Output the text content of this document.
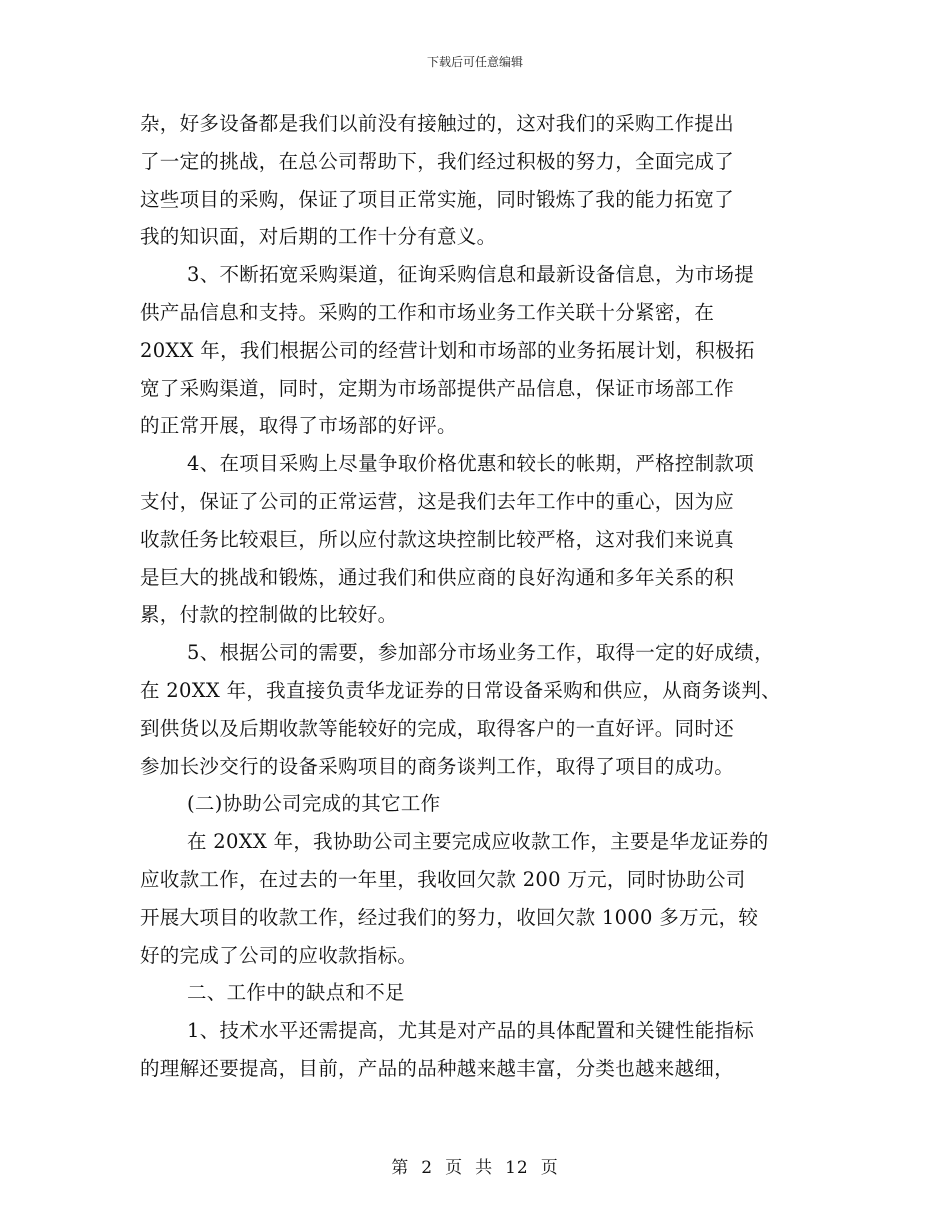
下载后可任意编辑
杂，好多设备都是我们以前没有接触过的，这对我们的采购工作提出
了一定的挑战，在总公司帮助下，我们经过积极的努力，全面完成了
这些项目的采购，保证了项目正常实施，同时锻炼了我的能力拓宽了
我的知识面，对后期的工作十分有意义。
3、不断拓宽采购渠道，征询采购信息和最新设备信息，为市场提
供产品信息和支持。采购的工作和市场业务工作关联十分紧密，在
20XX 年，我们根据公司的经营计划和市场部的业务拓展计划，积极拓
宽了采购渠道，同时，定期为市场部提供产品信息，保证市场部工作
的正常开展，取得了市场部的好评。
4、在项目采购上尽量争取价格优惠和较长的帐期，严格控制款项
支付，保证了公司的正常运营，这是我们去年工作中的重心，因为应
收款任务比较艰巨，所以应付款这块控制比较严格，这对我们来说真
是巨大的挑战和锻炼，通过我们和供应商的良好沟通和多年关系的积
累，付款的控制做的比较好。
5、根据公司的需要，参加部分市场业务工作，取得一定的好成绩，
在 20XX 年，我直接负责华龙证券的日常设备采购和供应，从商务谈判、
到供货以及后期收款等能较好的完成，取得客户的一直好评。同时还
参加长沙交行的设备采购项目的商务谈判工作，取得了项目的成功。
(二)协助公司完成的其它工作
在 20XX 年，我协助公司主要完成应收款工作，主要是华龙证券的
应收款工作，在过去的一年里，我收回欠款 200 万元，同时协助公司
开展大项目的收款工作，经过我们的努力，收回欠款 1000 多万元，较
好的完成了公司的应收款指标。
二、工作中的缺点和不足
1、技术水平还需提高，尤其是对产品的具体配置和关键性能指标
的理解还要提高，目前，产品的品种越来越丰富，分类也越来越细，
第 2 页 共 12 页
